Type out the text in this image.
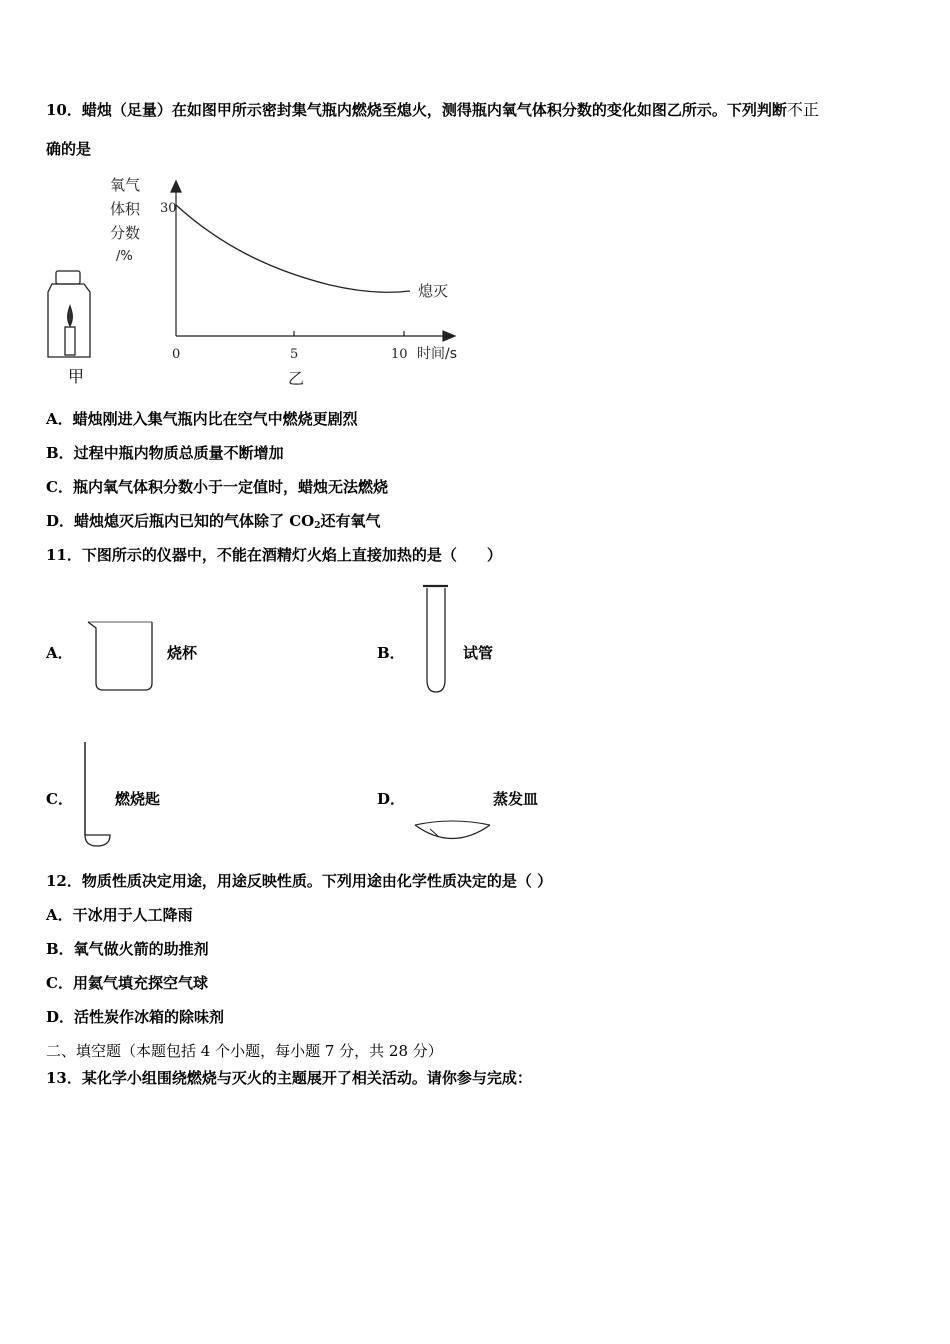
10．蜡烛（足量）在如图甲所示密封集气瓶内燃烧至熄火，测得瓶内氧气体积分数的变化如图乙所示。下列判断不正
确的是
甲
氧气
体积
分数
/%
30
0	5	10 时间/s
熄灭
乙
A．蜡烛刚进入集气瓶内比在空气中燃烧更剧烈
B．过程中瓶内物质总质量不断增加
C．瓶内氧气体积分数小于一定值时，蜡烛无法燃烧
D．蜡烛熄灭后瓶内已知的气体除了 $CO_2$还有氧气
11．下图所示的仪器中，不能在酒精灯火焰上直接加热的是（　　）
A．	烧杯	B．	试管
C．	燃烧匙	D．	蒸发皿
12．物质性质决定用途，用途反映性质。下列用途由化学性质决定的是（ ）
A．干冰用于人工降雨
B．氧气做火箭的助推剂
C．用氦气填充探空气球
D．活性炭作冰箱的除味剂
二、填空题（本题包括 4 个小题，每小题 7 分，共 28 分）
13．某化学小组围绕燃烧与灭火的主题展开了相关活动。请你参与完成：
